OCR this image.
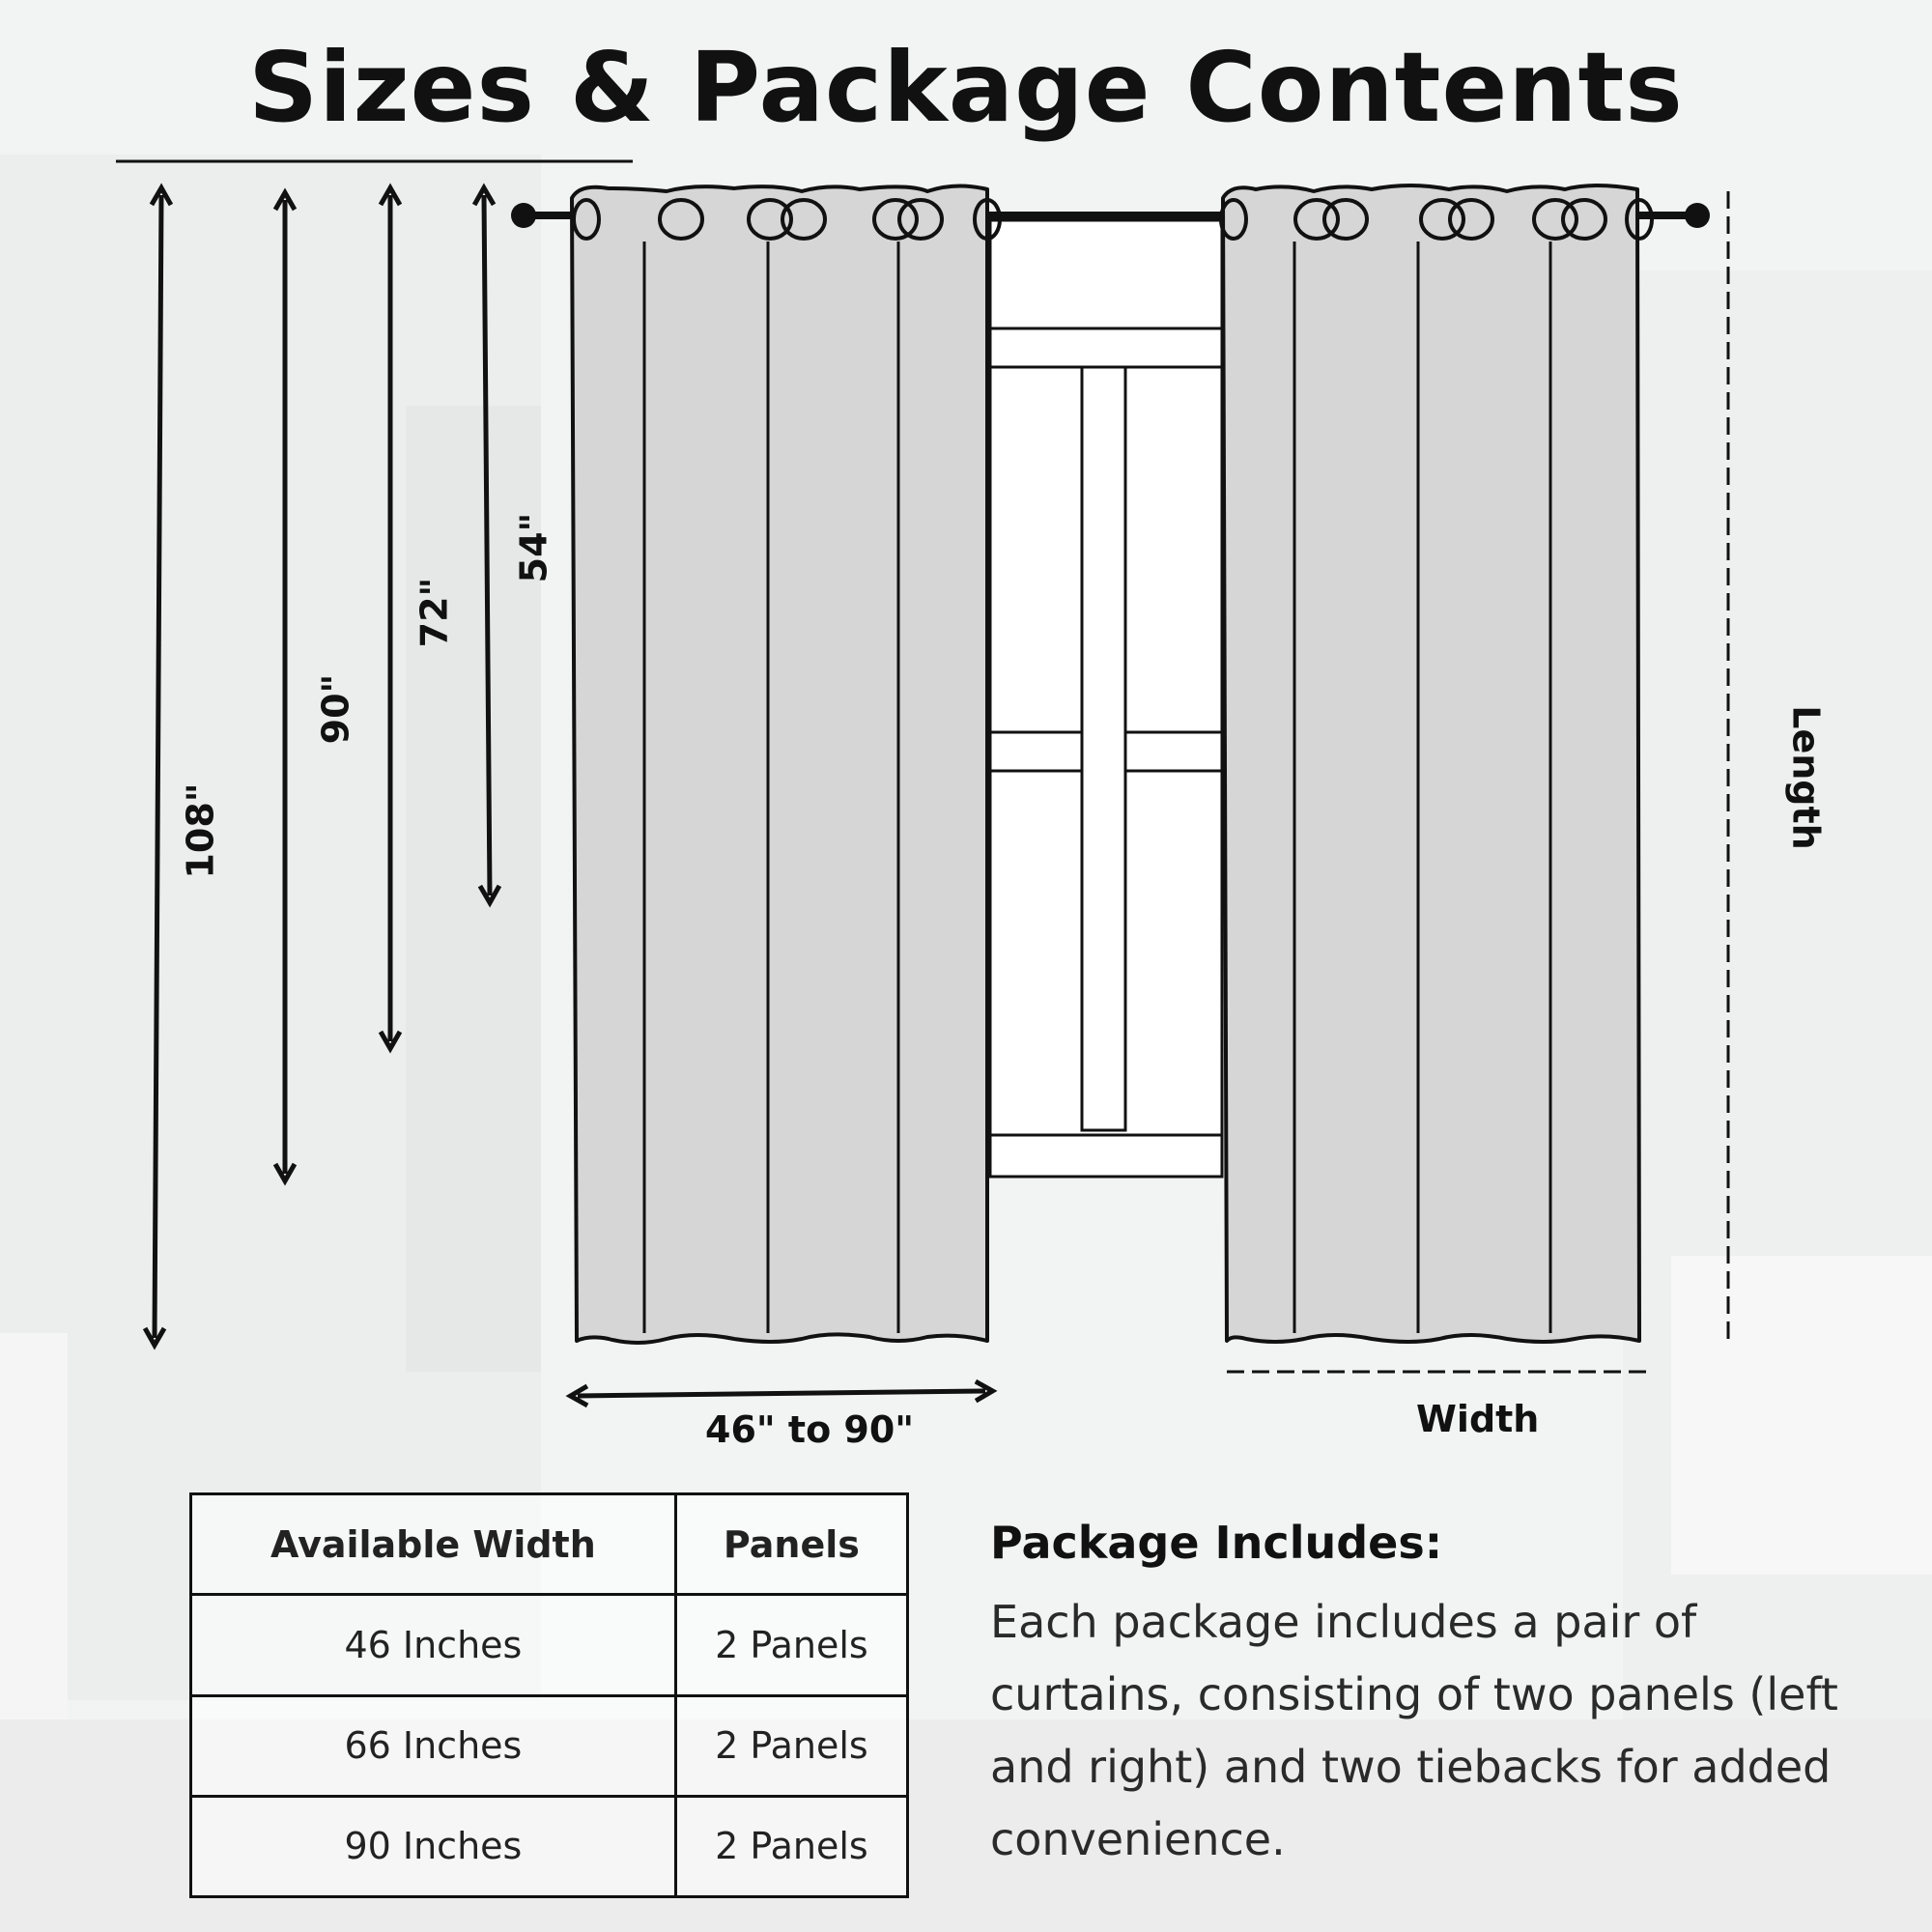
Sizes & Package Contents
108"
90"
72"
54"
Length
46" to 90"	Width
Available Width	Panels
46 Inches	2 Panels
66 Inches	2 Panels
90 Inches	2 Panels

Package Includes:

Each package includes a pair of curtains, consisting of two panels (left and right) and two tiebacks for added convenience.
